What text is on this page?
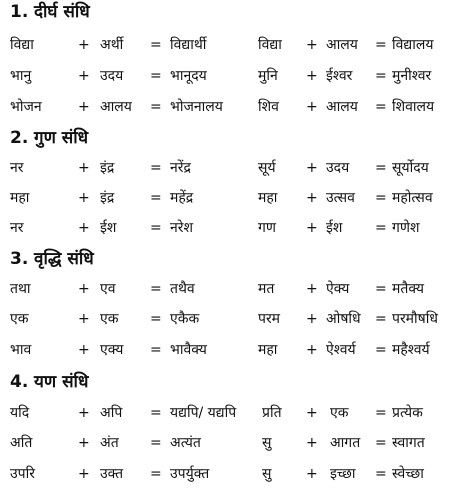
1. दीर्घ संधि
विद्या	+ अर्थी = विद्यार्थी	विद्या + आलय = विद्यालय
भानु	+ उदय = भानूदय	मुनि + ईश्वर = मुनीश्वर
भोजन	+ आलय = भोजनालय	शिव + आलय = शिवालय
2. गुण संधि
नर	+ इंद्र	= नरेंद्र	सूर्य + उदय = सूर्योदय
महा	+ इंद्र	= महेंद्र	महा + उत्सव = महोत्सव
नर	+ ईश = नरेश	गण + ईश = गणेश
3. वृद्धि संधि
तथा	+ एव = तथैव	मत + ऐक्य = मतैक्य
एक	+ एक = एकैक	परम + ओषधि = परमौषधि
भाव	+ एक्य = भावैक्य	महा + ऐश्वर्य = महैश्वर्य
4. यण संधि
यदि	+ अपि = यद्यपि/ यद्यपि प्रति + एक = प्रत्येक
अति	+ अंत = अत्यंत	सु + आगत = स्वागत
उपरि	+ उक्त = उपर्युक्त	सु + इच्छा = स्वेच्छा
